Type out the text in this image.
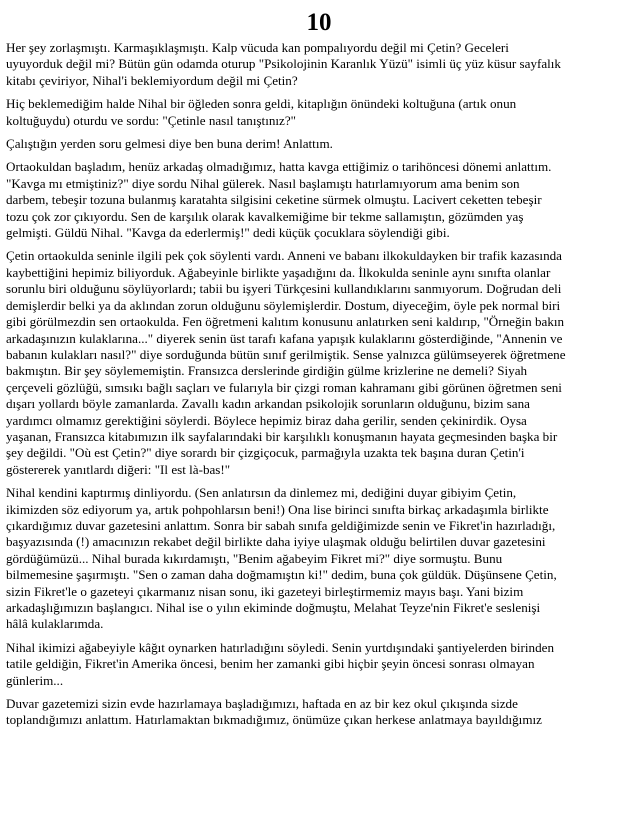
10

Her şey zorlaşmıştı. Karmaşıklaşmıştı. Kalp vücuda kan pompalıyordu değil mi Çetin? Geceleri
uyuyorduk değil mi? Bütün gün odamda oturup "Psikolojinin Karanlık Yüzü" isimli üç yüz küsur sayfalık
kitabı çeviriyor, Nihal'i beklemiyordum değil mi Çetin?

Hiç beklemediğim halde Nihal bir öğleden sonra geldi, kitaplığın önündeki koltuğuna (artık onun
koltuğuydu) oturdu ve sordu: "Çetinle nasıl tanıştınız?"

Çalıştığın yerden soru gelmesi diye ben buna derim! Anlattım.

Ortaokuldan başladım, henüz arkadaş olmadığımız, hatta kavga ettiğimiz o tarihöncesi dönemi anlattım.
"Kavga mı etmiştiniz?" diye sordu Nihal gülerek. Nasıl başlamıştı hatırlamıyorum ama benim son
darbem, tebeşir tozuna bulanmış karatahta silgisini ceketine sürmek olmuştu. Lacivert ceketten tebeşir
tozu çok zor çıkıyordu. Sen de karşılık olarak kavalkemiğime bir tekme sallamıştın, gözümden yaş
gelmişti. Güldü Nihal. "Kavga da ederlermiş!" dedi küçük çocuklara söylendiği gibi.

Çetin ortaokulda seninle ilgili pek çok söylenti vardı. Anneni ve babanı ilkokuldayken bir trafik kazasında
kaybettiğini hepimiz biliyorduk. Ağabeyinle birlikte yaşadığını da. İlkokulda seninle aynı sınıfta olanlar
sorunlu biri olduğunu söylüyorlardı; tabii bu işyeri Türkçesini kullandıklarını sanmıyorum. Doğrudan deli
demişlerdir belki ya da aklından zorun olduğunu söylemişlerdir. Dostum, diyeceğim, öyle pek normal biri
gibi görülmezdin sen ortaokulda. Fen öğretmeni kalıtım konusunu anlatırken seni kaldırıp, "Örneğin bakın
arkadaşınızın kulaklarına..." diyerek senin üst tarafı kafana yapışık kulaklarını gösterdiğinde, "Annenin ve
babanın kulakları nasıl?" diye sorduğunda bütün sınıf gerilmiştik. Sense yalnızca gülümseyerek öğretmene
bakmıştın. Bir şey söylememiştin. Fransızca derslerinde girdiğin gülme krizlerine ne demeli? Siyah
çerçeveli gözlüğü, sımsıkı bağlı saçları ve fularıyla bir çizgi roman kahramanı gibi görünen öğretmen seni
dışarı yollardı böyle zamanlarda. Zavallı kadın arkandan psikolojik sorunların olduğunu, bizim sana
yardımcı olmamız gerektiğini söylerdi. Böylece hepimiz biraz daha gerilir, senden çekinirdik. Oysa
yaşanan, Fransızca kitabımızın ilk sayfalarındaki bir karşılıklı konuşmanın hayata geçmesinden başka bir
şey değildi. "Où est Çetin?" diye sorardı bir çizgiçocuk, parmağıyla uzakta tek başına duran Çetin'i
göstererek yanıtlardı diğeri: "Il est là-bas!"

Nihal kendini kaptırmış dinliyordu. (Sen anlatırsın da dinlemez mi, dediğini duyar gibiyim Çetin,
ikimizden söz ediyorum ya, artık pohpohlarsın beni!) Ona lise birinci sınıfta birkaç arkadaşımla birlikte
çıkardığımız duvar gazetesini anlattım. Sonra bir sabah sınıfa geldiğimizde senin ve Fikret'in hazırladığı,
başyazısında (!) amacınızın rekabet değil birlikte daha iyiye ulaşmak olduğu belirtilen duvar gazetesini
gördüğümüzü... Nihal burada kıkırdamıştı, "Benim ağabeyim Fikret mi?" diye sormuştu. Bunu
bilmemesine şaşırmıştı. "Sen o zaman daha doğmamıştın ki!" dedim, buna çok güldük. Düşünsene Çetin,
sizin Fikret'le o gazeteyi çıkarmanız nisan sonu, iki gazeteyi birleştirmemiz mayıs başı. Yani bizim
arkadaşlığımızın başlangıcı. Nihal ise o yılın ekiminde doğmuştu, Melahat Teyze'nin Fikret'e seslenişi
hâlâ kulaklarımda.

Nihal ikimizi ağabeyiyle kâğıt oynarken hatırladığını söyledi. Senin yurtdışındaki şantiyelerden birinden
tatile geldiğin, Fikret'in Amerika öncesi, benim her zamanki gibi hiçbir şeyin öncesi sonrası olmayan
günlerim...

Duvar gazetemizi sizin evde hazırlamaya başladığımızı, haftada en az bir kez okul çıkışında sizde
toplandığımızı anlattım. Hatırlamaktan bıkmadığımız, önümüze çıkan herkese anlatmaya bayıldığımız
